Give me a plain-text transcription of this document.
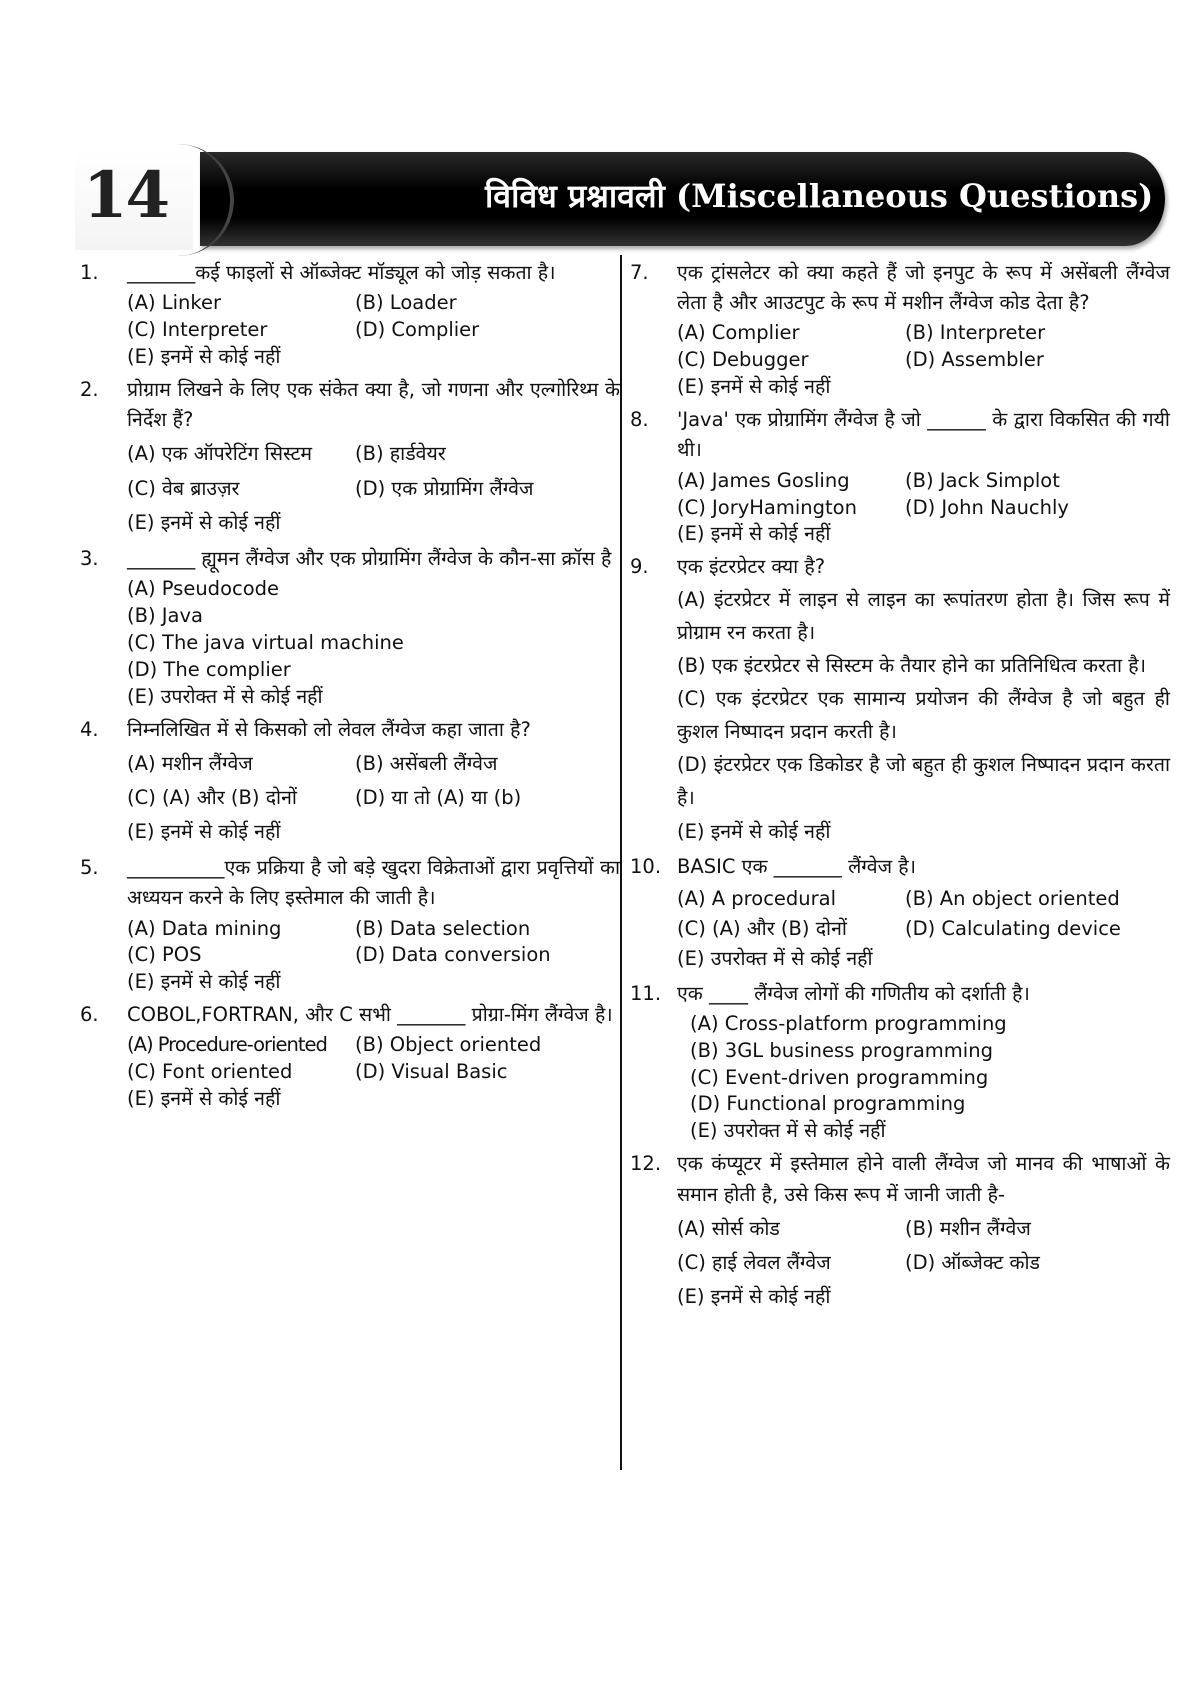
विविध प्रश्नावली (Miscellaneous Questions)
14
1. _______कई फाइलों से ऑब्जेक्ट मॉड्यूल को जोड़ सकता है।
(A) Linker	(B) Loader
(C) Interpreter	(D) Complier
(E) इनमें से कोई नहीं
2. प्रोग्राम लिखने के लिए एक संकेत क्या है, जो गणना और एल्गोरिथ्म के निर्देश हैं?
(A) एक ऑपरेटिंग सिस्टम	(B) हार्डवेयर
(C) वेब ब्राउज़र	(D) एक प्रोग्रामिंग लैंग्वेज
(E) इनमें से कोई नहीं
3. _______ ह्यूमन लैंग्वेज और एक प्रोग्रामिंग लैंग्वेज के कौन-सा क्रॉस है
(A) Pseudocode
(B) Java
(C) The java virtual machine
(D) The complier
(E) उपरोक्त में से कोई नहीं
4. निम्नलिखित में से किसको लो लेवल लैंग्वेज कहा जाता है?
(A) मशीन लैंग्वेज	(B) असेंबली लैंग्वेज
(C) (A) और (B) दोनों	(D) या तो (A) या (b)
(E) इनमें से कोई नहीं
5. __________एक प्रक्रिया है जो बड़े खुदरा विक्रेताओं द्वारा प्रवृत्तियों का अध्ययन करने के लिए इस्तेमाल की जाती है।
(A) Data mining	(B) Data selection
(C) POS	(D) Data conversion
(E) इनमें से कोई नहीं
6. COBOL,FORTRAN, और C सभी _______ प्रोग्रा-मिंग लैंग्वेज है।
(A) Procedure-oriented	(B) Object oriented
(C) Font oriented	(D) Visual Basic
(E) इनमें से कोई नहीं
7. एक ट्रांसलेटर को क्या कहते हैं जो इनपुट के रूप में असेंबली लैंग्वेज लेता है और आउटपुट के रूप में मशीन लैंग्वेज कोड देता है?
(A) Complier	(B) Interpreter
(C) Debugger	(D) Assembler
(E) इनमें से कोई नहीं
8. 'Java' एक प्रोग्रामिंग लैंग्वेज है जो ______ के द्वारा विकसित की गयी थी।
(A) James Gosling	(B) Jack Simplot
(C) JoryHamington	(D) John Nauchly
(E) इनमें से कोई नहीं
9. एक इंटरप्रेटर क्या है?
(A) इंटरप्रेटर में लाइन से लाइन का रूपांतरण होता है। जिस रूप में प्रोग्राम रन करता है।
(B) एक इंटरप्रेटर से सिस्टम के तैयार होने का प्रतिनिधित्व करता है।
(C) एक इंटरप्रेटर एक सामान्य प्रयोजन की लैंग्वेज है जो बहुत ही कुशल निष्पादन प्रदान करती है।
(D) इंटरप्रेटर एक डिकोडर है जो बहुत ही कुशल निष्पादन प्रदान करता है।
(E) इनमें से कोई नहीं
10. BASIC एक _______ लैंग्वेज है।
(A) A procedural	(B) An object oriented
(C) (A) और (B) दोनों	(D) Calculating device
(E) उपरोक्त में से कोई नहीं
11. एक ____ लैंग्वेज लोगों की गणितीय को दर्शाती है।
(A) Cross-platform programming
(B) 3GL business programming
(C) Event-driven programming
(D) Functional programming
(E) उपरोक्त में से कोई नहीं
12. एक कंप्यूटर में इस्तेमाल होने वाली लैंग्वेज जो मानव की भाषाओं के समान होती है, उसे किस रूप में जानी जाती है-
(A) सोर्स कोड	(B) मशीन लैंग्वेज
(C) हाई लेवल लैंग्वेज	(D) ऑब्जेक्ट कोड
(E) इनमें से कोई नहीं
